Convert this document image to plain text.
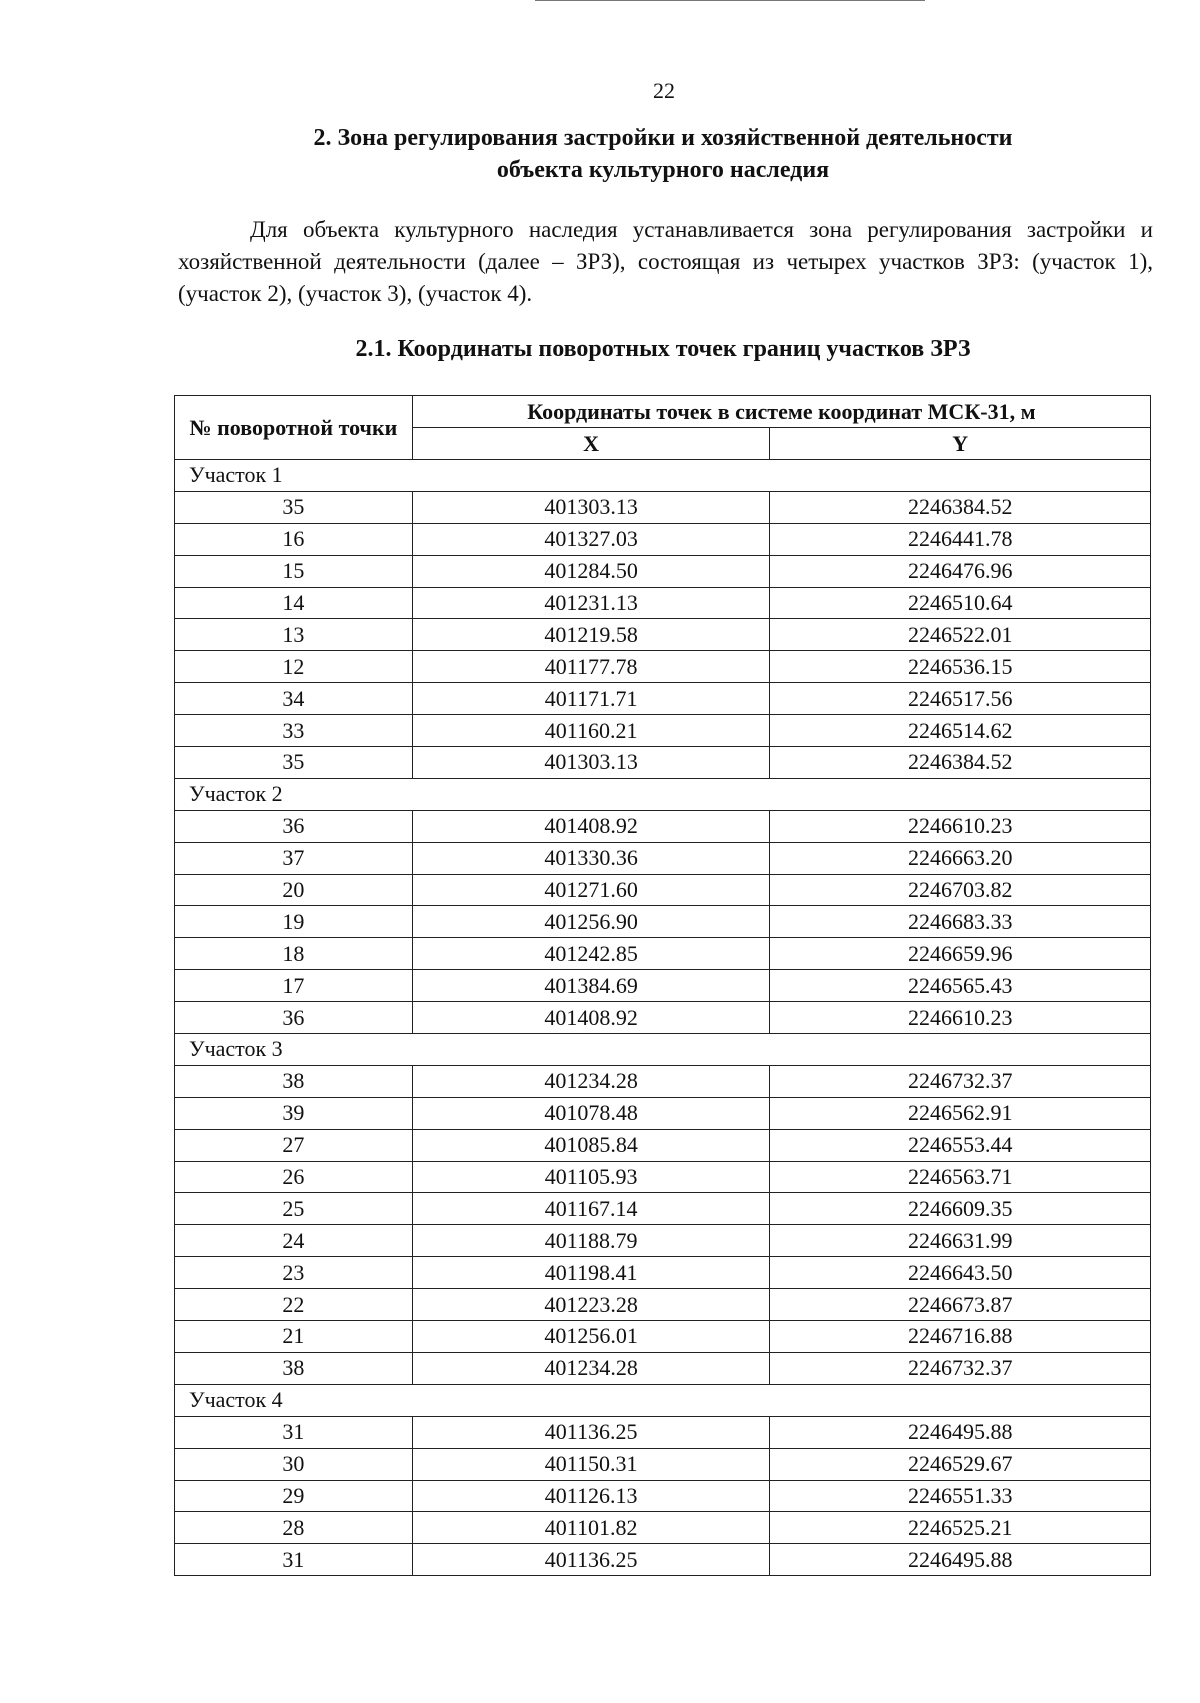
22
2. Зона регулирования застройки и хозяйственной деятельности
объекта культурного наследия
Для объекта культурного наследия устанавливается зона регулирования застройки и хозяйственной деятельности (далее – ЗРЗ), состоящая из четырех участков ЗРЗ: (участок 1), (участок 2), (участок 3), (участок 4).
2.1. Координаты поворотных точек границ участков ЗРЗ
№ поворотной точки	Координаты точек в системе координат МСК-31, м	
	X	Y
Участок 1		
35	401303.13	2246384.52
16	401327.03	2246441.78
15	401284.50	2246476.96
14	401231.13	2246510.64
13	401219.58	2246522.01
12	401177.78	2246536.15
34	401171.71	2246517.56
33	401160.21	2246514.62
35	401303.13	2246384.52
Участок 2		
36	401408.92	2246610.23
37	401330.36	2246663.20
20	401271.60	2246703.82
19	401256.90	2246683.33
18	401242.85	2246659.96
17	401384.69	2246565.43
36	401408.92	2246610.23
Участок 3		
38	401234.28	2246732.37
39	401078.48	2246562.91
27	401085.84	2246553.44
26	401105.93	2246563.71
25	401167.14	2246609.35
24	401188.79	2246631.99
23	401198.41	2246643.50
22	401223.28	2246673.87
21	401256.01	2246716.88
38	401234.28	2246732.37
Участок 4		
31	401136.25	2246495.88
30	401150.31	2246529.67
29	401126.13	2246551.33
28	401101.82	2246525.21
31	401136.25	2246495.88
